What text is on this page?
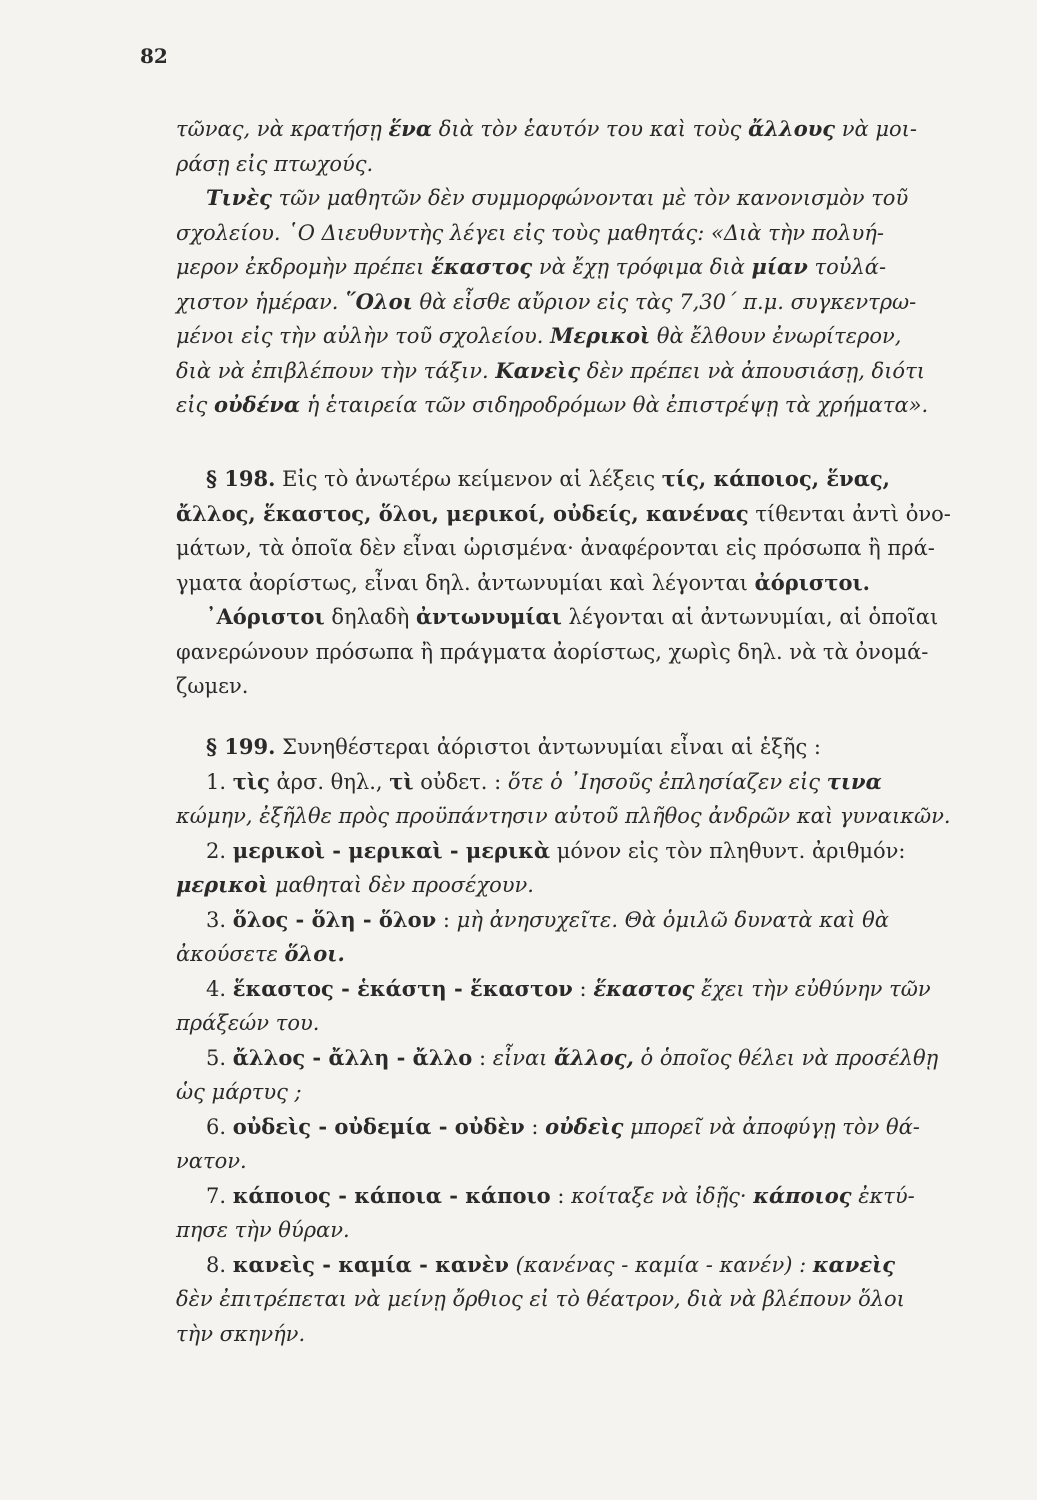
82
τῶνας, νὰ κρατήσῃ ἕνα διὰ τὸν ἑαυτόν του καὶ τοὺς ἄλλους νὰ μοι-
ράσῃ εἰς πτωχούς.
Τινὲς τῶν μαθητῶν δὲν συμμορφώνονται μὲ τὸν κανονισμὸν τοῦ
σχολείου. ῾Ο Διευθυντὴς λέγει εἰς τοὺς μαθητάς: «Διὰ τὴν πολυή-
μερον ἐκδρομὴν πρέπει ἕκαστος νὰ ἔχῃ τρόφιμα διὰ μίαν τοὐλά-
χιστον ἡμέραν. ῞Ολοι θὰ εἶσθε αὔριον εἰς τὰς 7,30΄ π.μ. συγκεντρω-
μένοι εἰς τὴν αὐλὴν τοῦ σχολείου. Μερικοὶ θὰ ἔλθουν ἐνωρίτερον,
διὰ νὰ ἐπιβλέπουν τὴν τάξιν. Κανεὶς δὲν πρέπει νὰ ἀπουσιάσῃ, διότι
εἰς οὐδένα ἡ ἑταιρεία τῶν σιδηροδρόμων θὰ ἐπιστρέψῃ τὰ χρήματα».
§ 198. Εἰς τὸ ἀνωτέρω κείμενον αἱ λέξεις τίς, κάποιος, ἕνας,
ἄλλος, ἕκαστος, ὅλοι, μερικοί, οὐδείς, κανένας τίθενται ἀντὶ ὀνο-
μάτων, τὰ ὁποῖα δὲν εἶναι ὡρισμένα· ἀναφέρονται εἰς πρόσωπα ἢ πρά-
γματα ἀορίστως, εἶναι δηλ. ἀντωνυμίαι καὶ λέγονται ἀόριστοι.
᾿Αόριστοι δηλαδὴ ἀντωνυμίαι λέγονται αἱ ἀντωνυμίαι, αἱ ὁποῖαι
φανερώνουν πρόσωπα ἢ πράγματα ἀορίστως, χωρὶς δηλ. νὰ τὰ ὀνομά-
ζωμεν.
§ 199. Συνηθέστεραι ἀόριστοι ἀντωνυμίαι εἶναι αἱ ἑξῆς :
1. τὶς ἀρσ. θηλ., τὶ οὐδετ. : ὅτε ὁ ᾿Ιησοῦς ἐπλησίαζεν εἰς τινα
κώμην, ἐξῆλθε πρὸς προϋπάντησιν αὐτοῦ πλῆθος ἀνδρῶν καὶ γυναικῶν.
2. μερικοὶ - μερικαὶ - μερικὰ μόνον εἰς τὸν πληθυντ. ἀριθμόν:
μερικοὶ μαθηταὶ δὲν προσέχουν.
3. ὅλος - ὅλη - ὅλον : μὴ ἀνησυχεῖτε. Θὰ ὁμιλῶ δυνατὰ καὶ θὰ
ἀκούσετε ὅλοι.
4. ἕκαστος - ἑκάστη - ἕκαστον : ἕκαστος ἔχει τὴν εὐθύνην τῶν
πράξεών του.
5. ἄλλος - ἄλλη - ἄλλο : εἶναι ἄλλος, ὁ ὁποῖος θέλει νὰ προσέλθῃ
ὡς μάρτυς ;
6. οὐδεὶς - οὐδεμία - οὐδὲν : οὐδεὶς μπορεῖ νὰ ἀποφύγῃ τὸν θά-
νατον.
7. κάποιος - κάποια - κάποιο : κοίταξε νὰ ἰδῇς· κάποιος ἐκτύ-
πησε τὴν θύραν.
8. κανεὶς - καμία - κανὲν (κανένας - καμία - κανέν) : κανεὶς
δὲν ἐπιτρέπεται νὰ μείνῃ ὄρθιος εἰ τὸ θέατρον, διὰ νὰ βλέπουν ὅλοι
τὴν σκηνήν.
